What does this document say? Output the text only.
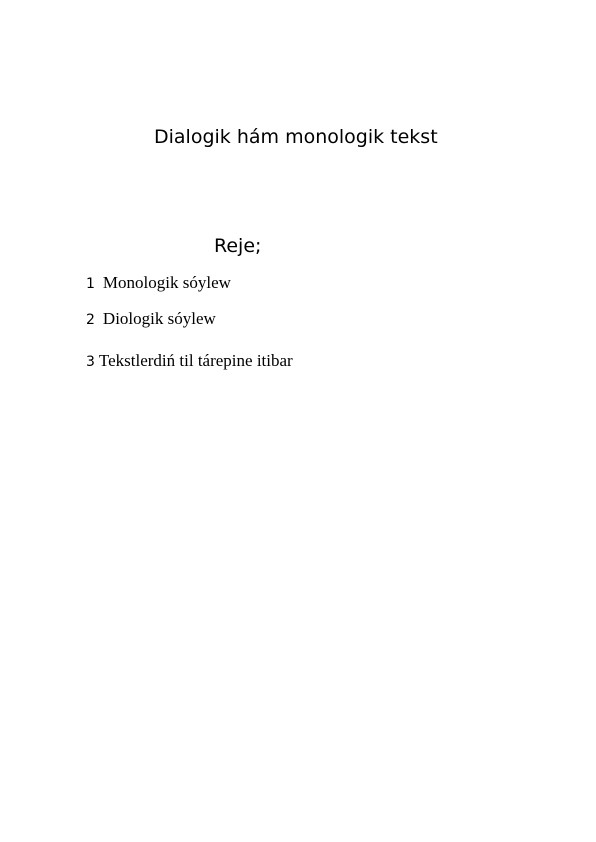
Dialogik hám monologik tekst
Reje;
1 Monologik sóylew
2 Diologik sóylew
3 Tekstlerdiń til tárepine itibar
